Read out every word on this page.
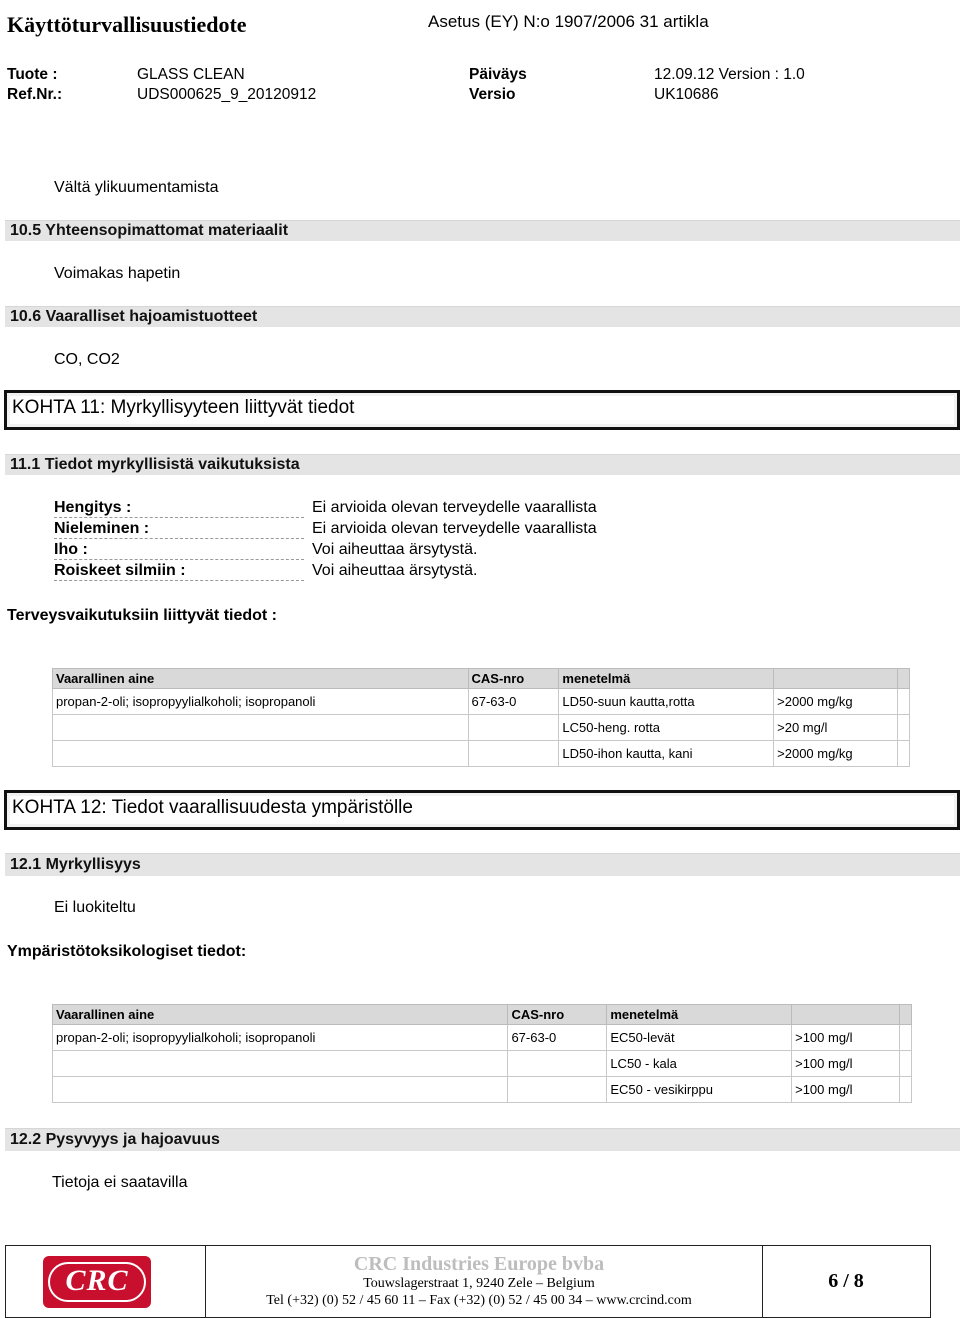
Käyttöturvallisuustiedote	Asetus (EY) N:o 1907/2006 31 artikla
Tuote :	GLASS CLEAN	Päiväys	12.09.12 Version : 1.0
Ref.Nr.:	UDS000625_9_20120912	Versio	UK10686
Vältä ylikuumentamista
10.5 Yhteensopimattomat materiaalit
Voimakas hapetin
10.6 Vaaralliset hajoamistuotteet
CO, CO2
KOHTA 11: Myrkyllisyyteen liittyvät tiedot
11.1 Tiedot myrkyllisistä vaikutuksista
Hengitys :	Ei arvioida olevan terveydelle vaarallista
Nieleminen :	Ei arvioida olevan terveydelle vaarallista
Iho :	Voi aiheuttaa ärsytystä.
Roiskeet silmiin :	Voi aiheuttaa ärsytystä.
Terveysvaikutuksiin liittyvät tiedot :
Vaarallinen aine	CAS-nro	menetelmä		
propan-2-oli; isopropyylialkoholi; isopropanoli	67-63-0	LD50-suun kautta,rotta	>2000 mg/kg	
		LC50-heng. rotta	>20 mg/l	
		LD50-ihon kautta, kani	>2000 mg/kg	
KOHTA 12: Tiedot vaarallisuudesta ympäristölle
12.1 Myrkyllisyys
Ei luokiteltu
Ympäristötoksikologiset tiedot:
Vaarallinen aine	CAS-nro	menetelmä		
propan-2-oli; isopropyylialkoholi; isopropanoli	67-63-0	EC50-levät	>100 mg/l	
		LC50 - kala	>100 mg/l	
		EC50 - vesikirppu	>100 mg/l	
12.2 Pysyvyys ja hajoavuus
Tietoja ei saatavilla
CRC	CRC Industries Europe bvba
Touwslagerstraat 1, 9240 Zele – Belgium
Tel (+32) (0) 52 / 45 60 11 – Fax (+32) (0) 52 / 45 00 34 – www.crcind.com
6 / 8
